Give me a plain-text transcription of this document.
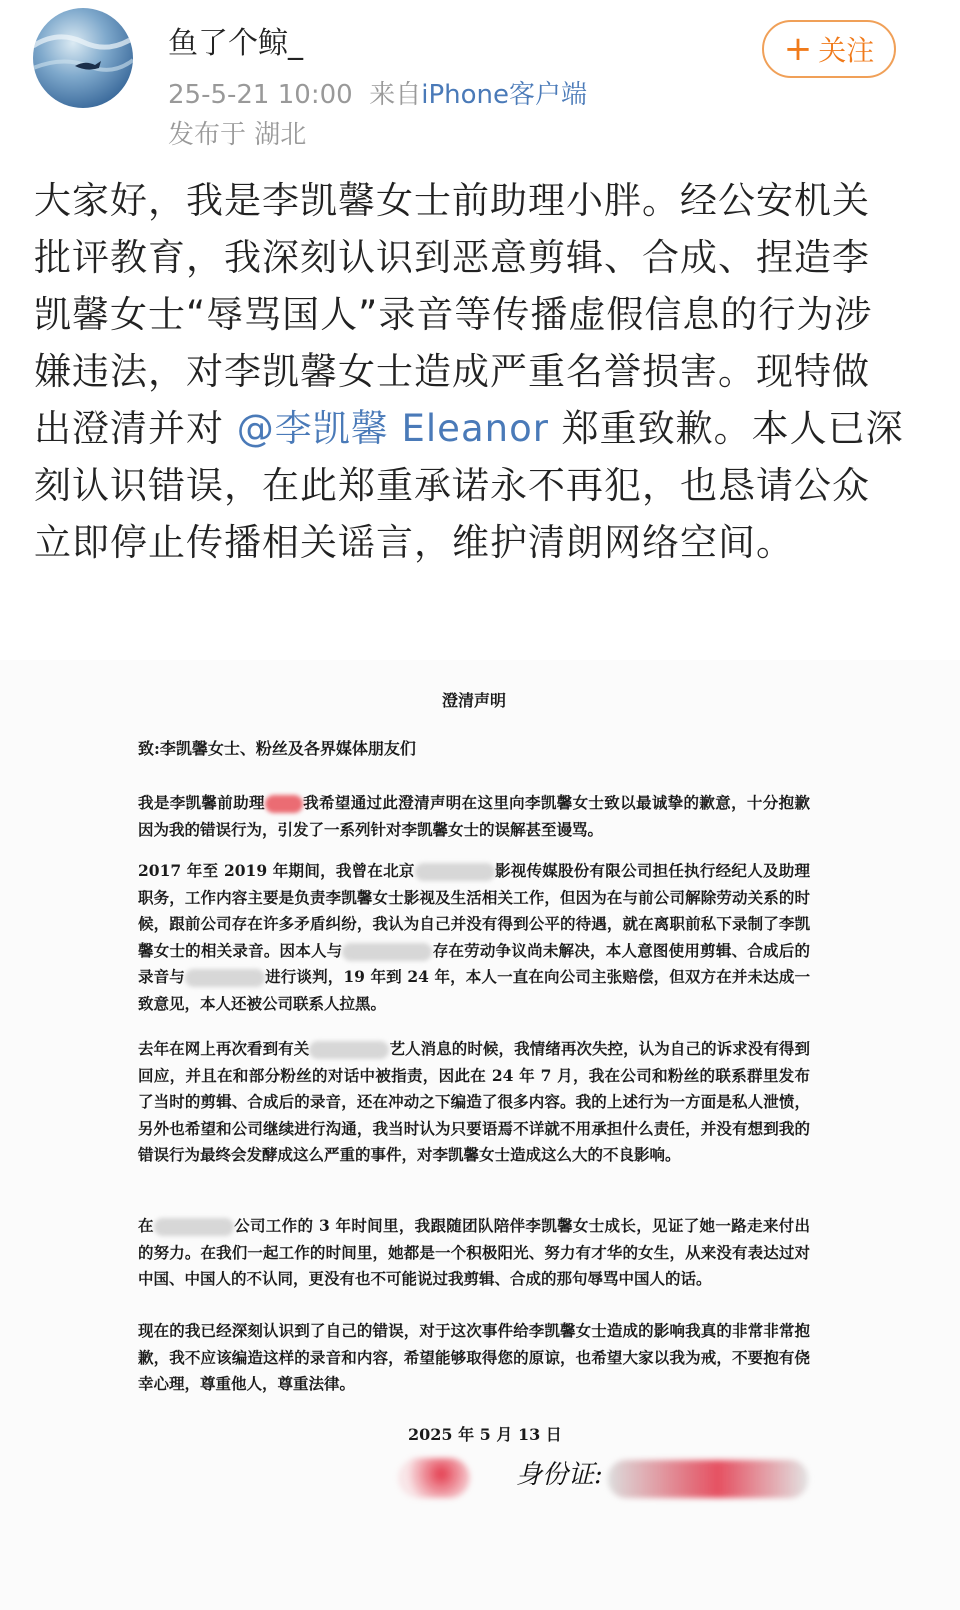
鱼了个鲸_
25-5-21 10:00 来自iPhone客户端
发布于 湖北
+ 关注
大家好，我是李凯馨女士前助理小胖。经公安机关批评教育，我深刻认识到恶意剪辑、合成、捏造李凯馨女士“辱骂国人”录音等传播虚假信息的行为涉嫌违法，对李凯馨女士造成严重名誉损害。现特做出澄清并对 @李凯馨 Eleanor 郑重致歉。本人已深刻认识错误，在此郑重承诺永不再犯，也恳请公众立即停止传播相关谣言，维护清朗网络空间。
澄清声明
致:李凯馨女士、粉丝及各界媒体朋友们
我是李凯馨前助理 我希望通过此澄清声明在这里向李凯馨女士致以最诚挚的歉意，十分抱歉因为我的错误行为，引发了一系列针对李凯馨女士的误解甚至谩骂。
2017 年至 2019 年期间，我曾在北京	影视传媒股份有限公司担任执行经纪人及助理职务，工作内容主要是负责李凯馨女士影视及生活相关工作，但因为在与前公司解除劳动关系的时候，跟前公司存在许多矛盾纠纷，我认为自己并没有得到公平的待遇，就在离职前私下录制了李凯馨女士的相关录音。因本人与	存在劳动争议尚未解决，本人意图使用剪辑、合成后的录音与	进行谈判，19 年到 24 年，本人一直在向公司主张赔偿，但双方在并未达成一致意见，本人还被公司联系人拉黑。
去年在网上再次看到有关	艺人消息的时候，我情绪再次失控，认为自己的诉求没有得到回应，并且在和部分粉丝的对话中被指责，因此在 24 年 7 月，我在公司和粉丝的联系群里发布了当时的剪辑、合成后的录音，还在冲动之下编造了很多内容。我的上述行为一方面是私人泄愤，另外也希望和公司继续进行沟通，我当时认为只要语焉不详就不用承担什么责任，并没有想到我的错误行为最终会发酵成这么严重的事件，对李凯馨女士造成这么大的不良影响。
在	公司工作的 3 年时间里，我跟随团队陪伴李凯馨女士成长，见证了她一路走来付出的努力。在我们一起工作的时间里，她都是一个积极阳光、努力有才华的女生，从来没有表达过对中国、中国人的不认同，更没有也不可能说过我剪辑、合成的那句辱骂中国人的话。
现在的我已经深刻认识到了自己的错误，对于这次事件给李凯馨女士造成的影响我真的非常非常抱歉，我不应该编造这样的录音和内容，希望能够取得您的原谅，也希望大家以我为戒，不要抱有侥幸心理，尊重他人，尊重法律。
2025 年 5 月 13 日
身份证:
